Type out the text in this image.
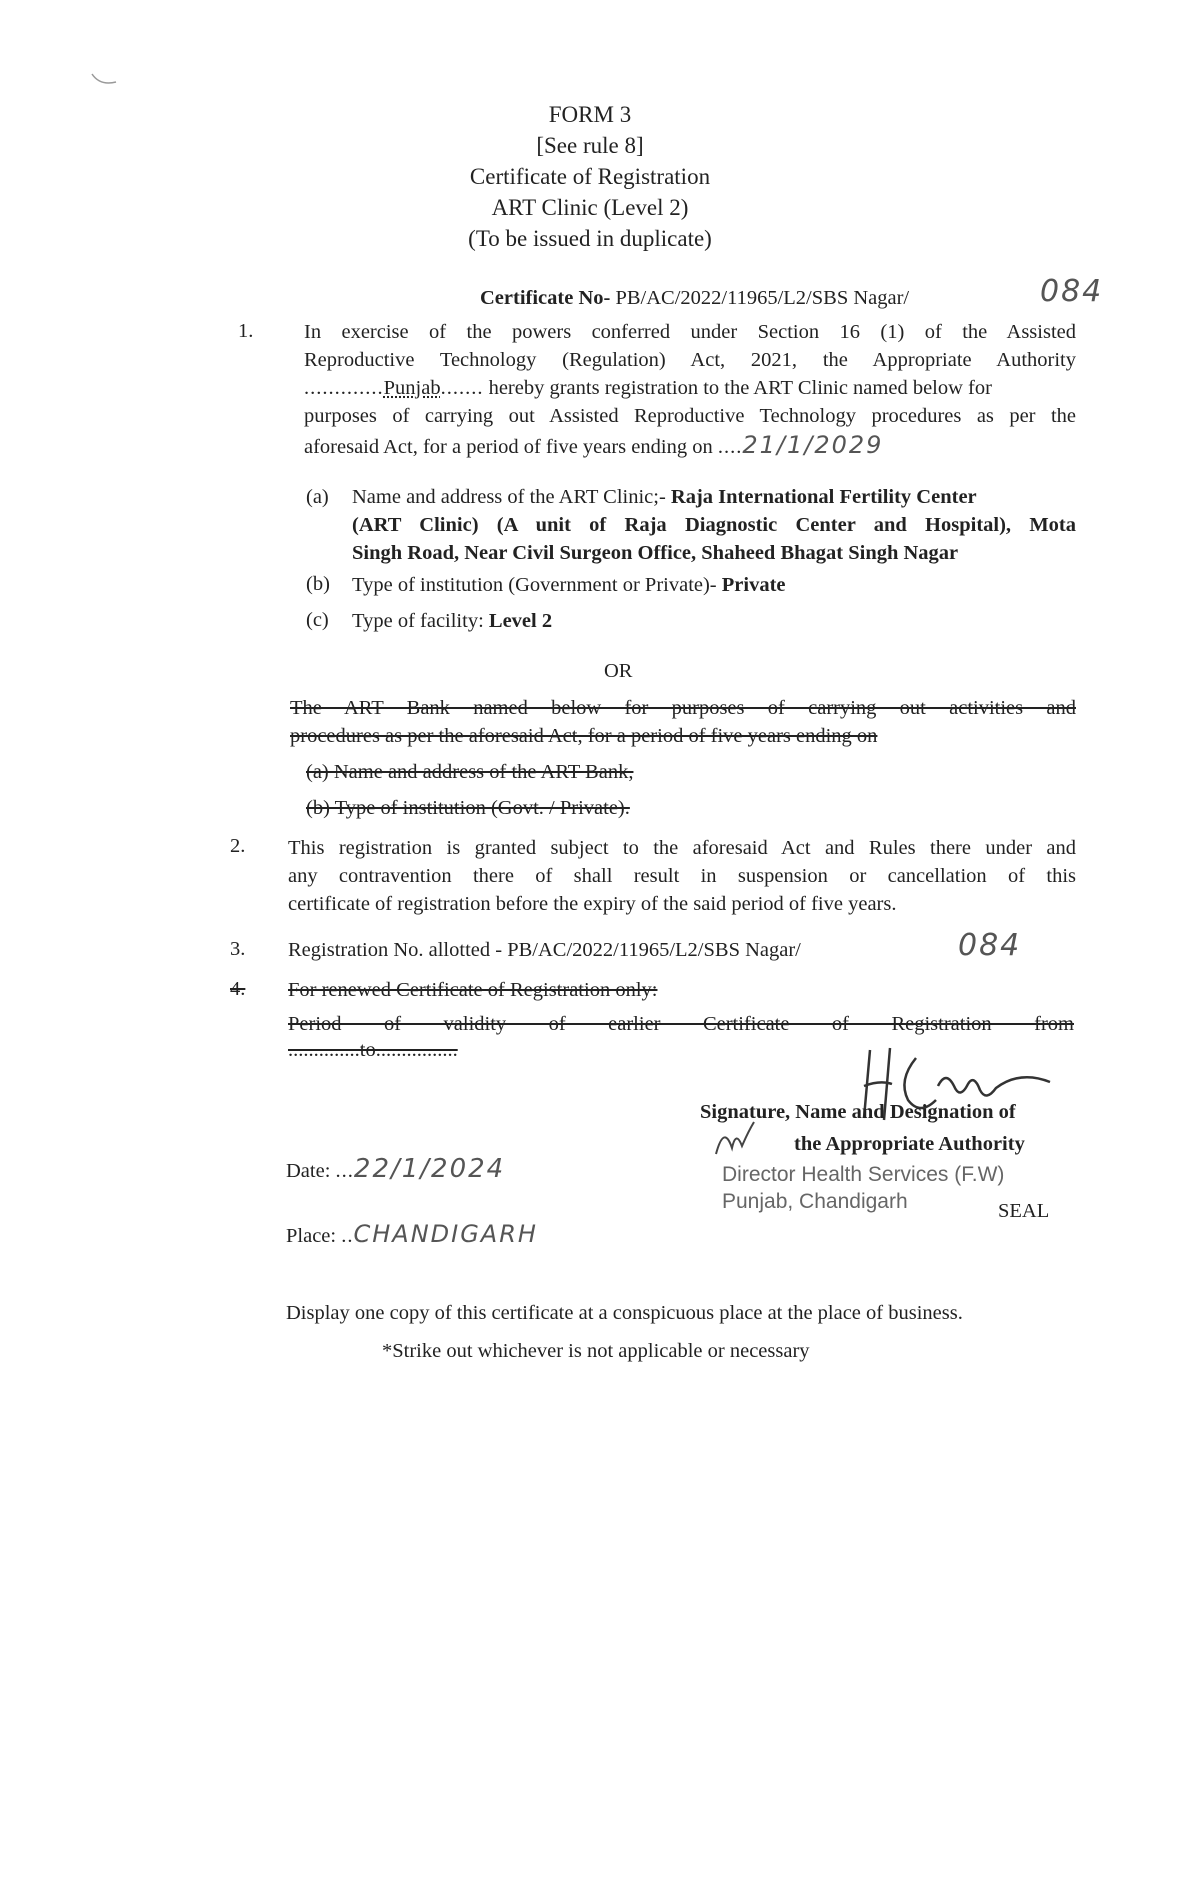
FORM 3
[See rule 8]
Certificate of Registration
ART Clinic (Level 2)
(To be issued in duplicate)
Certificate No- PB/AC/2022/11965/L2/SBS Nagar/	084
1. In exercise of the powers conferred under Section 16 (1) of the Assisted
Reproductive Technology (Regulation) Act, 2021, the Appropriate Authority
.............Punjab....... hereby grants registration to the ART Clinic named below for
purposes of carrying out Assisted Reproductive Technology procedures as per the
aforesaid Act, for a period of five years ending on ....21/1/2029
(a) Name and address of the ART Clinic;- Raja International Fertility Center
(ART Clinic) (A unit of Raja Diagnostic Center and Hospital), Mota
Singh Road, Near Civil Surgeon Office, Shaheed Bhagat Singh Nagar
(b) Type of institution (Government or Private)- Private
(c) Type of facility: Level 2
OR
The ART Bank named below for purposes of carrying out activities and
procedures as per the aforesaid Act, for a period of five years ending on
(a) Name and address of the ART Bank,
(b) Type of institution (Govt. / Private).
2. This registration is granted subject to the aforesaid Act and Rules there under and
any contravention there of shall result in suspension or cancellation of this
certificate of registration before the expiry of the said period of five years.
3. Registration No. allotted - PB/AC/2022/11965/L2/SBS Nagar/	084
4. For renewed Certificate of Registration only:
Period of validity of earlier Certificate of Registration from
..............to................
Signature, Name and Designation of
the Appropriate Authority
Director Health Services (F.W)
Punjab, Chandigarh	SEAL
Date: ...22/1/2024
Place: ..CHANDIGARH
Display one copy of this certificate at a conspicuous place at the place of business.
*Strike out whichever is not applicable or necessary
